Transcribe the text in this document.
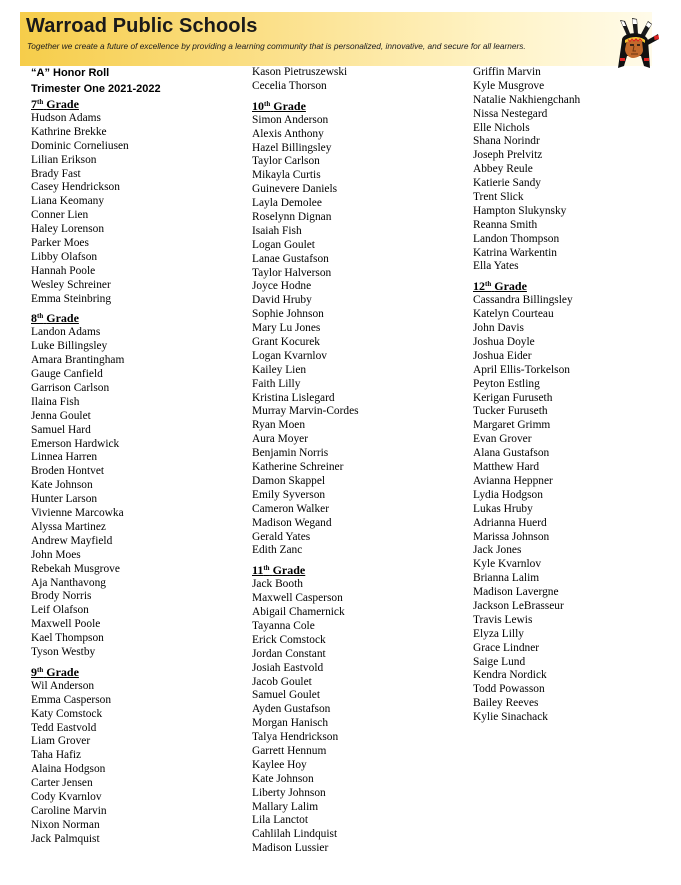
Warroad Public Schools
Together we create a future of excellence by providing a learning community that is personalized, innovative, and secure for all learners.
“A” Honor Roll
Trimester One 2021-2022
7th Grade
Hudson Adams
Kathrine Brekke
Dominic Corneliusen
Lilian Erikson
Brady Fast
Casey Hendrickson
Liana Keomany
Conner Lien
Haley Lorenson
Parker Moes
Libby Olafson
Hannah Poole
Wesley Schreiner
Emma Steinbring
8th Grade
Landon Adams
Luke Billingsley
Amara Brantingham
Gauge Canfield
Garrison Carlson
Ilaina Fish
Jenna Goulet
Samuel Hard
Emerson Hardwick
Linnea Harren
Broden Hontvet
Kate Johnson
Hunter Larson
Vivienne Marcowka
Alyssa Martinez
Andrew Mayfield
John Moes
Rebekah Musgrove
Aja Nanthavong
Brody Norris
Leif Olafson
Maxwell Poole
Kael Thompson
Tyson Westby
9th Grade
Wil Anderson
Emma Casperson
Katy Comstock
Tedd Eastvold
Liam Grover
Taha Hafiz
Alaina Hodgson
Carter Jensen
Cody Kvarnlov
Caroline Marvin
Nixon Norman
Jack Palmquist
Kason Pietruszewski
Cecelia Thorson
10th Grade
Simon Anderson
Alexis Anthony
Hazel Billingsley
Taylor Carlson
Mikayla Curtis
Guinevere Daniels
Layla Demolee
Roselynn Dignan
Isaiah Fish
Logan Goulet
Lanae Gustafson
Taylor Halverson
Joyce Hodne
David Hruby
Sophie Johnson
Mary Lu Jones
Grant Kocurek
Logan Kvarnlov
Kailey Lien
Faith Lilly
Kristina Lislegard
Murray Marvin-Cordes
Ryan Moen
Aura Moyer
Benjamin Norris
Katherine Schreiner
Damon Skappel
Emily Syverson
Cameron Walker
Madison Wegand
Gerald Yates
Edith Zanc
11th Grade
Jack Booth
Maxwell Casperson
Abigail Chamernick
Tayanna Cole
Erick Comstock
Jordan Constant
Josiah Eastvold
Jacob Goulet
Samuel Goulet
Ayden Gustafson
Morgan Hanisch
Talya Hendrickson
Garrett Hennum
Kaylee Hoy
Kate Johnson
Liberty Johnson
Mallary Lalim
Lila Lanctot
Cahlilah Lindquist
Madison Lussier
Griffin Marvin
Kyle Musgrove
Natalie Nakhiengchanh
Nissa Nestegard
Elle Nichols
Shana Norindr
Joseph Prelvitz
Abbey Reule
Katierie Sandy
Trent Slick
Hampton Slukynsky
Reanna Smith
Landon Thompson
Katrina Warkentin
Ella Yates
12th Grade
Cassandra Billingsley
Katelyn Courteau
John Davis
Joshua Doyle
Joshua Eider
April Ellis-Torkelson
Peyton Estling
Kerigan Furuseth
Tucker Furuseth
Margaret Grimm
Evan Grover
Alana Gustafson
Matthew Hard
Avianna Heppner
Lydia Hodgson
Lukas Hruby
Adrianna Huerd
Marissa Johnson
Jack Jones
Kyle Kvarnlov
Brianna Lalim
Madison Lavergne
Jackson LeBrasseur
Travis Lewis
Elyza Lilly
Grace Lindner
Saige Lund
Kendra Nordick
Todd Powasson
Bailey Reeves
Kylie Sinachack
